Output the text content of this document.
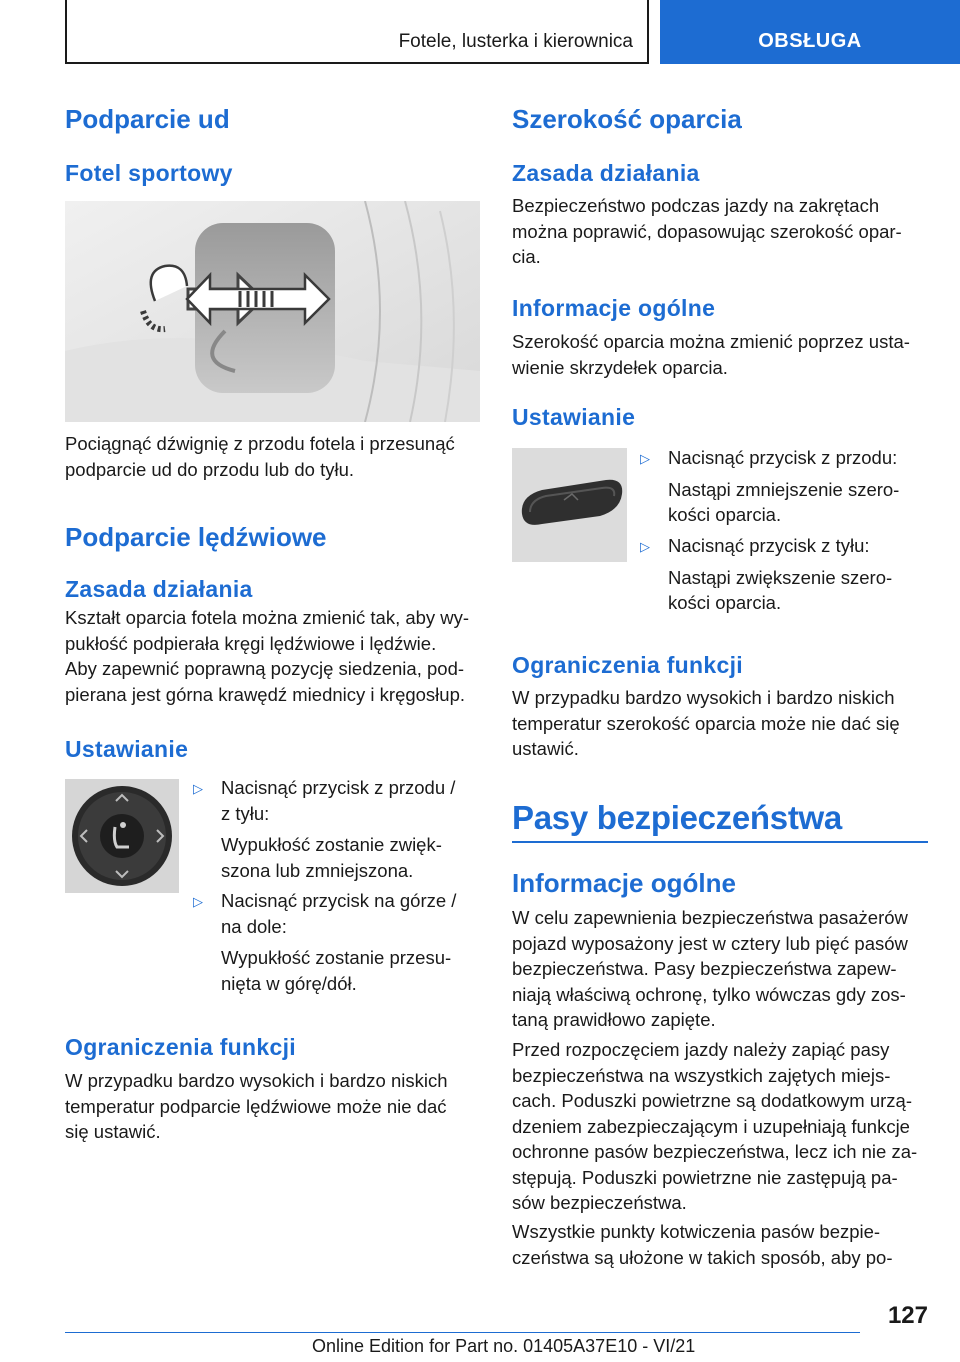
Fotele, lusterka i kierownica	OBSŁUGA
Podparcie ud
Fotel sportowy
Pociągnąć dźwignię z przodu fotela i przesunąć
podparcie ud do przodu lub do tyłu.
Podparcie lędźwiowe
Zasada działania
Kształt oparcia fotela można zmienić tak, aby wy‐
pukłość podpierała kręgi lędźwiowe i lędźwie.
Aby zapewnić poprawną pozycję siedzenia, pod‐
pierana jest górna krawędź miednicy i kręgosłup.
Ustawianie
▷ Nacisnąć przycisk z przodu /
z tyłu:
Wypukłość zostanie zwięk‐
szona lub zmniejszona.
▷ Nacisnąć przycisk na górze /
na dole:
Wypukłość zostanie przesu‐
nięta w górę/dół.
Ograniczenia funkcji
W przypadku bardzo wysokich i bardzo niskich
temperatur podparcie lędźwiowe może nie dać
się ustawić.
Szerokość oparcia
Zasada działania
Bezpieczeństwo podczas jazdy na zakrętach
można poprawić, dopasowując szerokość opar‐
cia.
Informacje ogólne
Szerokość oparcia można zmienić poprzez usta‐
wienie skrzydełek oparcia.
Ustawianie
▷ Nacisnąć przycisk z przodu:
Nastąpi zmniejszenie szero‐
kości oparcia.
▷ Nacisnąć przycisk z tyłu:
Nastąpi zwiększenie szero‐
kości oparcia.
Ograniczenia funkcji
W przypadku bardzo wysokich i bardzo niskich
temperatur szerokość oparcia może nie dać się
ustawić.
Pasy bezpieczeństwa
Informacje ogólne
W celu zapewnienia bezpieczeństwa pasażerów
pojazd wyposażony jest w cztery lub pięć pasów
bezpieczeństwa. Pasy bezpieczeństwa zapew‐
niają właściwą ochronę, tylko wówczas gdy zos‐
taną prawidłowo zapięte.
Przed rozpoczęciem jazdy należy zapiąć pasy
bezpieczeństwa na wszystkich zajętych miejs‐
cach. Poduszki powietrzne są dodatkowym urzą‐
dzeniem zabezpieczającym i uzupełniają funkcje
ochronne pasów bezpieczeństwa, lecz ich nie za‐
stępują. Poduszki powietrzne nie zastępują pa‐
sów bezpieczeństwa.
Wszystkie punkty kotwiczenia pasów bezpie‐
czeństwa są ułożone w takich sposób, aby po‐
127
Online Edition for Part no. 01405A37E10 - VI/21
